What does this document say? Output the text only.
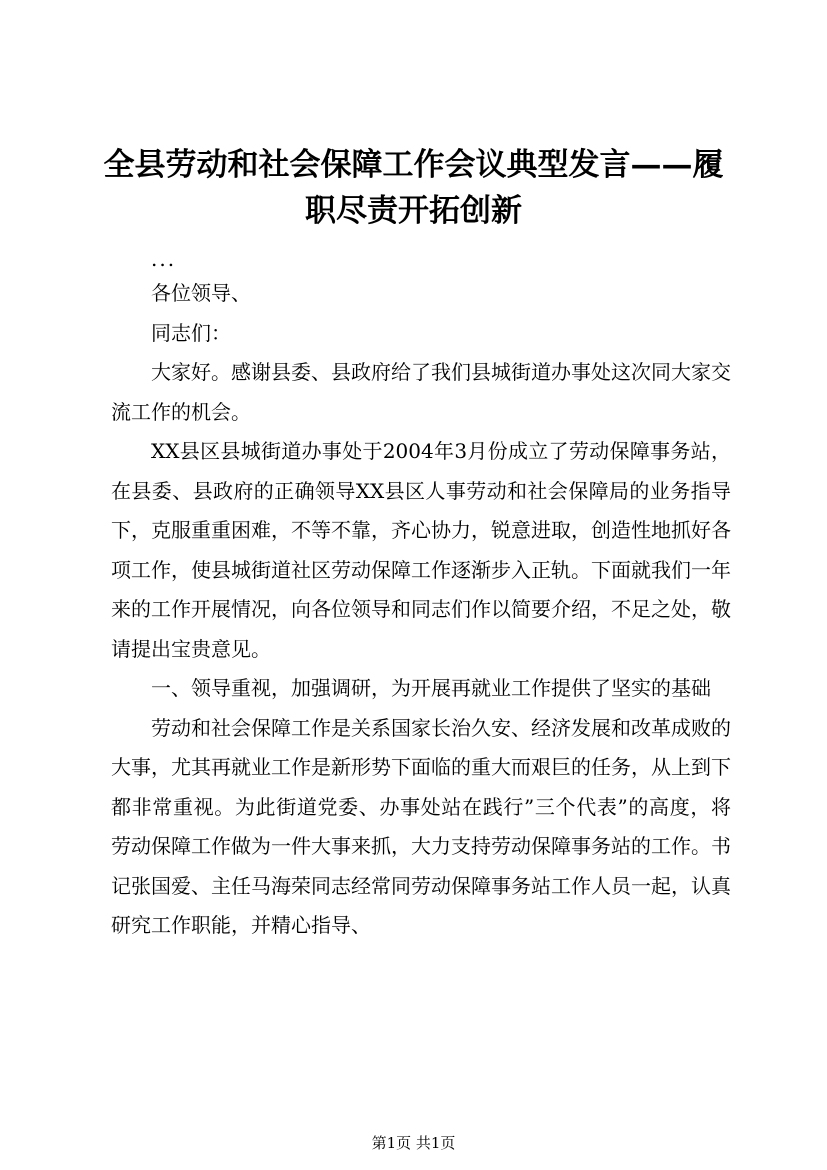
全县劳动和社会保障工作会议典型发言——履职尽责开拓创新

...

各位领导、

同志们：

大家好。感谢县委、县政府给了我们县城街道办事处这次同大家交流工作的机会。

XX县区县城街道办事处于2004年3月份成立了劳动保障事务站，在县委、县政府的正确领导XX县区人事劳动和社会保障局的业务指导下，克服重重困难，不等不靠，齐心协力，锐意进取，创造性地抓好各项工作，使县城街道社区劳动保障工作逐渐步入正轨。下面就我们一年来的工作开展情况，向各位领导和同志们作以简要介绍，不足之处，敬请提出宝贵意见。

一、领导重视，加强调研，为开展再就业工作提供了坚实的基础

劳动和社会保障工作是关系国家长治久安、经济发展和改革成败的大事，尤其再就业工作是新形势下面临的重大而艰巨的任务，从上到下都非常重视。为此街道党委、办事处站在践行”三个代表”的高度，将劳动保障工作做为一件大事来抓，大力支持劳动保障事务站的工作。书记张国爱、主任马海荣同志经常同劳动保障事务站工作人员一起，认真研究工作职能，并精心指导、

第1页 共1页
